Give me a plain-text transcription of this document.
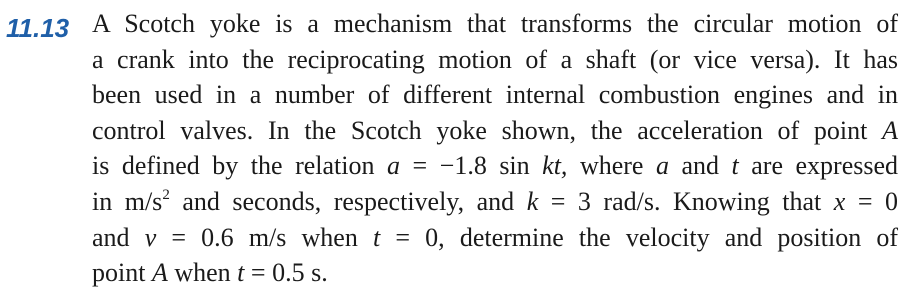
11.13 A Scotch yoke is a mechanism that transforms the circular motion of
a crank into the reciprocating motion of a shaft (or vice versa). It has
been used in a number of different internal combustion engines and in
control valves. In the Scotch yoke shown, the acceleration of point A
is defined by the relation a = −1.8 sin kt, where a and t are expressed
in $m/s^2$ and seconds, respectively, and k = 3 rad/s. Knowing that x = 0
and v = 0.6 m/s when t = 0, determine the velocity and position of
point A when t = 0.5 s.
